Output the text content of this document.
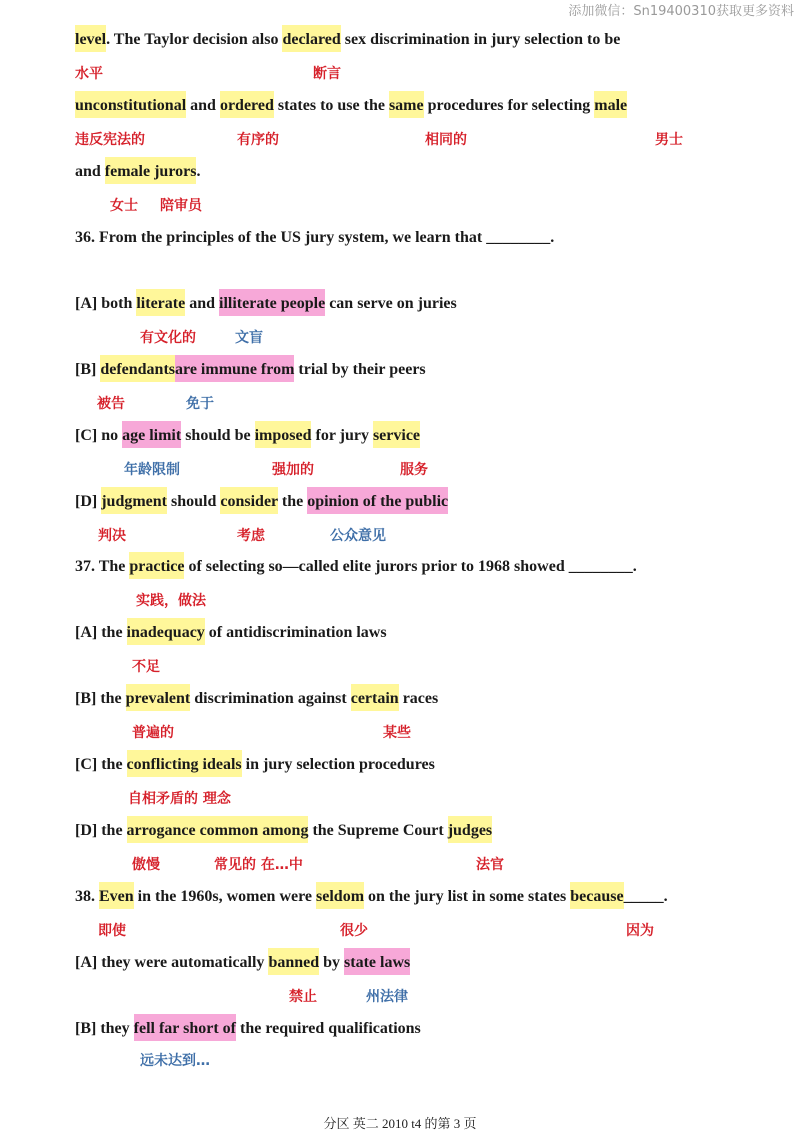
添加微信：Sn19400310获取更多资料
level. The Taylor decision also declared sex discrimination in jury selection to be
水平	断言
unconstitutional and ordered states to use the same procedures for selecting male
违反宪法的	有序的	相同的	男士
and female jurors.
女士 陪审员
36. From the principles of the US jury system, we learn that ________.
[A] both literate and illiterate people can serve on juries
有文化的	文盲
[B] defendantsare immune from trial by their peers
被告	免于
[C] no age limit should be imposed for jury service
年龄限制	强加的	服务
[D] judgment should consider the opinion of the public
判决	考虑	公众意见
37. The practice of selecting so—called elite jurors prior to 1968 showed ________.
实践，做法
[A] the inadequacy of antidiscrimination laws
不足
[B] the prevalent discrimination against certain races
普遍的	某些
[C] the conflicting ideals in jury selection procedures
自相矛盾的 理念
[D] the arrogance common among the Supreme Court judges
傲慢	常见的 在…中	法官
38. Even in the 1960s, women were seldom on the jury list in some states because_____.
即使	很少	因为
[A] they were automatically banned by state laws
禁止	州法律
[B] they fell far short of the required qualifications
远未达到…
分区 英二 2010 t4 的第 3 页
